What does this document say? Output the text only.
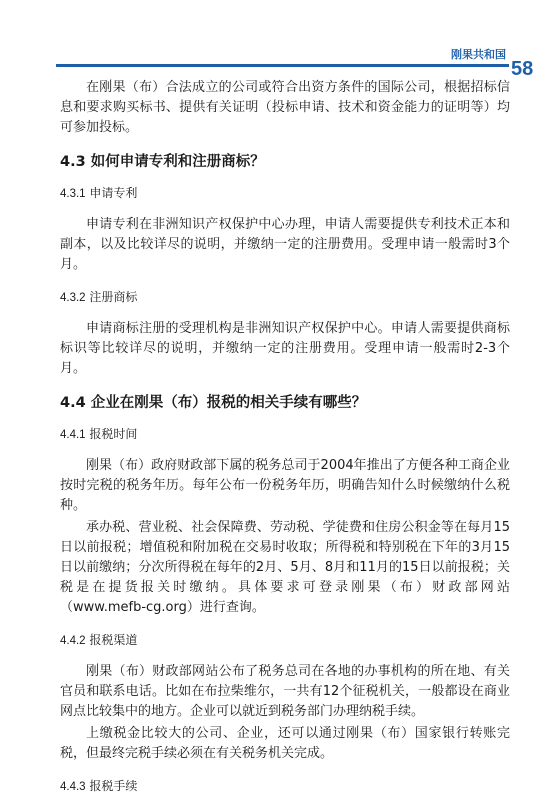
刚果共和国
58

在刚果（布）合法成立的公司或符合出资方条件的国际公司，根据招标信息和要求购买标书、提供有关证明（投标申请、技术和资金能力的证明等）均可参加投标。

4.3 如何申请专利和注册商标？

4.3.1 申请专利

申请专利在非洲知识产权保护中心办理，申请人需要提供专利技术正本和副本，以及比较详尽的说明，并缴纳一定的注册费用。受理申请一般需时3个月。

4.3.2 注册商标

申请商标注册的受理机构是非洲知识产权保护中心。申请人需要提供商标标识等比较详尽的说明，并缴纳一定的注册费用。受理申请一般需时2-3个月。

4.4 企业在刚果（布）报税的相关手续有哪些？

4.4.1 报税时间

刚果（布）政府财政部下属的税务总司于2004年推出了方便各种工商企业按时完税的税务年历。每年公布一份税务年历，明确告知什么时候缴纳什么税种。

承办税、营业税、社会保障费、劳动税、学徒费和住房公积金等在每月15日以前报税；增值税和附加税在交易时收取；所得税和特别税在下年的3月15日以前缴纳；分次所得税在每年的2月、5月、8月和11月的15日以前报税；关税是在提货报关时缴纳。具体要求可登录刚果（布）财政部网站（www.mefb-cg.org）进行查询。

4.4.2 报税渠道

刚果（布）财政部网站公布了税务总司在各地的办事机构的所在地、有关官员和联系电话。比如在布拉柴维尔，一共有12个征税机关，一般都设在商业网点比较集中的地方。企业可以就近到税务部门办理纳税手续。

上缴税金比较大的公司、企业，还可以通过刚果（布）国家银行转账完税，但最终完税手续必须在有关税务机关完成。

4.4.3 报税手续
